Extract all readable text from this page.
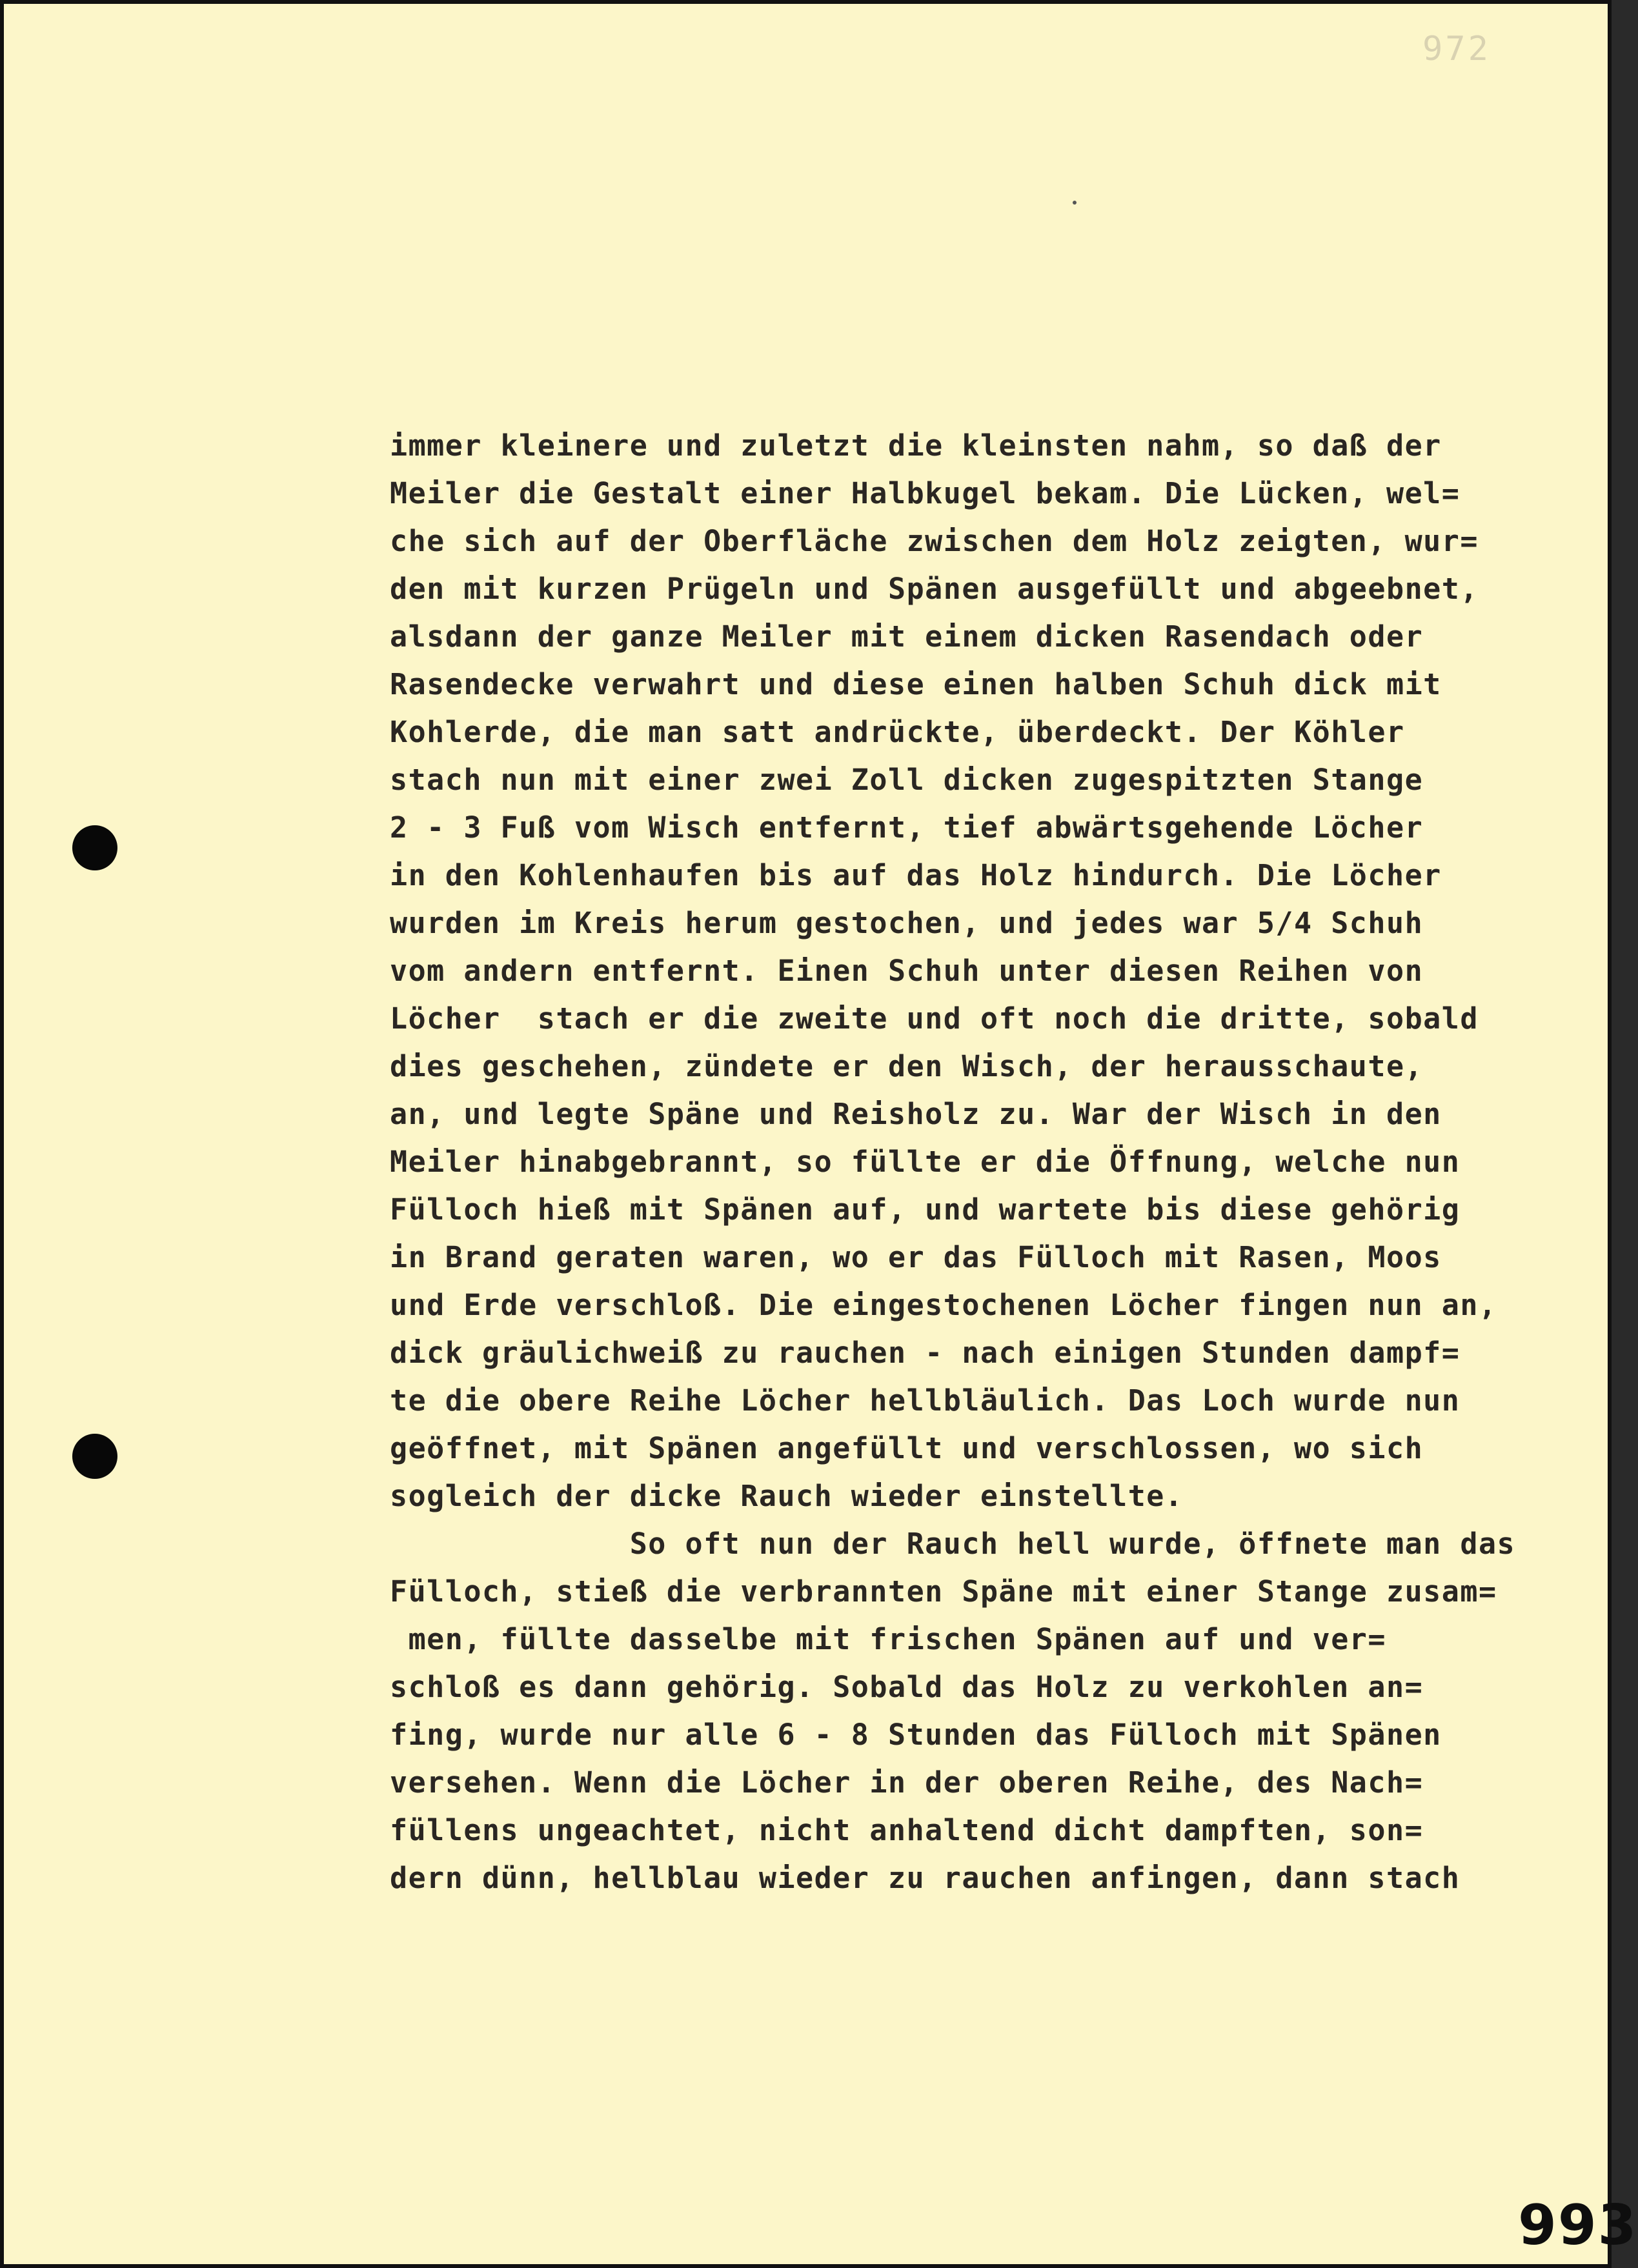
972
immer kleinere und zuletzt die kleinsten nahm, so daß der
Meiler die Gestalt einer Halbkugel bekam. Die Lücken, wel=
che sich auf der Oberfläche zwischen dem Holz zeigten, wur=
den mit kurzen Prügeln und Spänen ausgefüllt und abgeebnet,
alsdann der ganze Meiler mit einem dicken Rasendach oder
Rasendecke verwahrt und diese einen halben Schuh dick mit
Kohlerde, die man satt andrückte, überdeckt. Der Köhler
stach nun mit einer zwei Zoll dicken zugespitzten Stange
2 - 3 Fuß vom Wisch entfernt, tief abwärtsgehende Löcher
in den Kohlenhaufen bis auf das Holz hindurch. Die Löcher
wurden im Kreis herum gestochen, und jedes war 5/4 Schuh
vom andern entfernt. Einen Schuh unter diesen Reihen von
Löcher  stach er die zweite und oft noch die dritte, sobald
dies geschehen, zündete er den Wisch, der herausschaute,
an, und legte Späne und Reisholz zu. War der Wisch in den
Meiler hinabgebrannt, so füllte er die Öffnung, welche nun
Fülloch hieß mit Spänen auf, und wartete bis diese gehörig
in Brand geraten waren, wo er das Fülloch mit Rasen, Moos
und Erde verschloß. Die eingestochenen Löcher fingen nun an,
dick gräulichweiß zu rauchen - nach einigen Stunden dampf=
te die obere Reihe Löcher hellbläulich. Das Loch wurde nun
geöffnet, mit Spänen angefüllt und verschlossen, wo sich
sogleich der dicke Rauch wieder einstellte.
So oft nun der Rauch hell wurde, öffnete man das
Fülloch, stieß die verbrannten Späne mit einer Stange zusam=
men, füllte dasselbe mit frischen Spänen auf und ver=
schloß es dann gehörig. Sobald das Holz zu verkohlen an=
fing, wurde nur alle 6 - 8 Stunden das Fülloch mit Spänen
versehen. Wenn die Löcher in der oberen Reihe, des Nach=
füllens ungeachtet, nicht anhaltend dicht dampften, son=
dern dünn, hellblau wieder zu rauchen anfingen, dann stach
993
